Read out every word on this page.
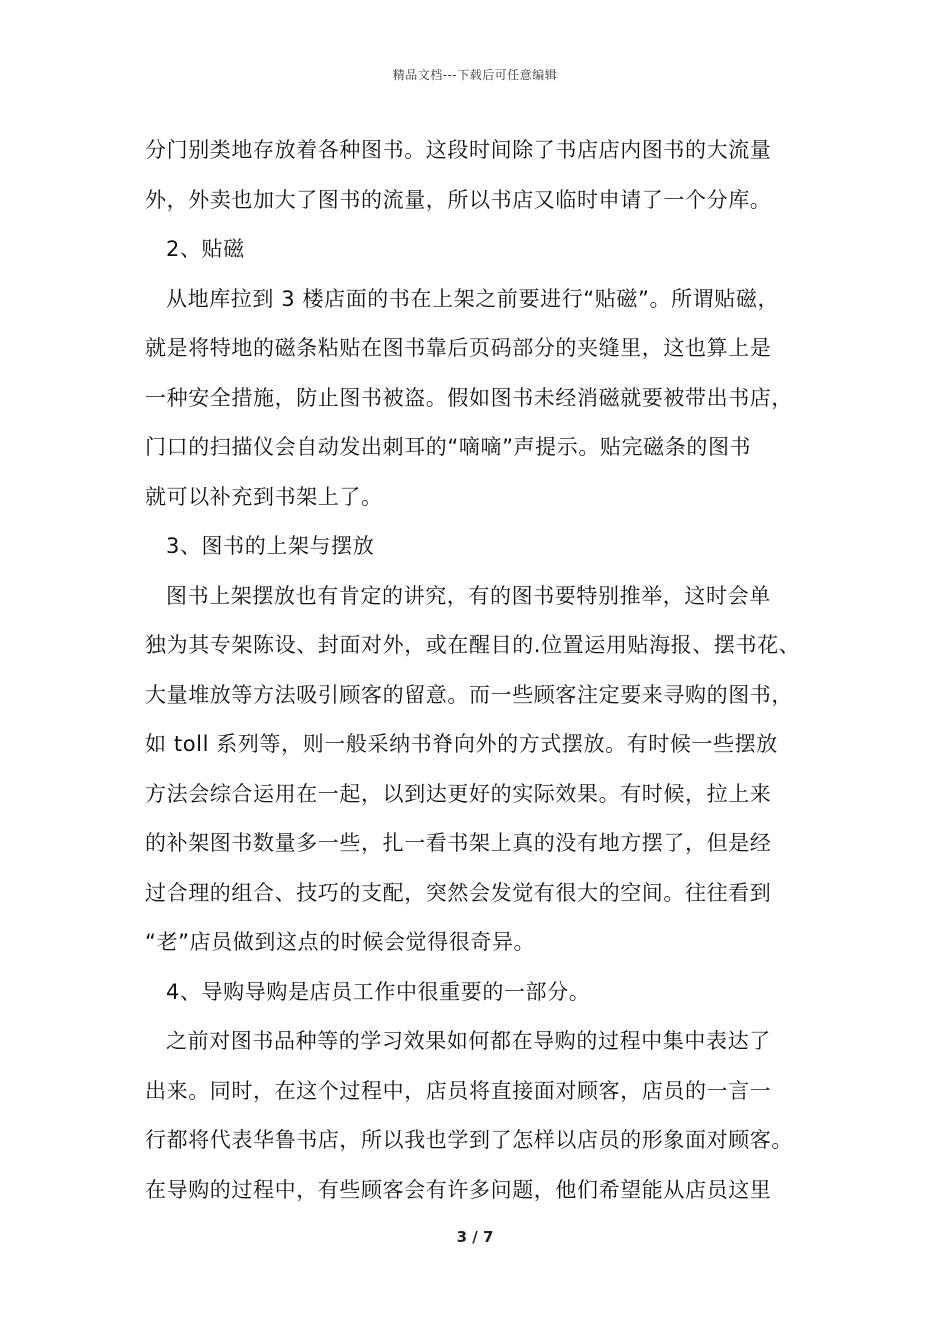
精品文档---下载后可任意编辑
分门别类地存放着各种图书。这段时间除了书店店内图书的大流量
外，外卖也加大了图书的流量，所以书店又临时申请了一个分库。
2、贴磁
从地库拉到 3 楼店面的书在上架之前要进行“贴磁”。所谓贴磁，
就是将特地的磁条粘贴在图书靠后页码部分的夹缝里，这也算上是
一种安全措施，防止图书被盗。假如图书未经消磁就要被带出书店，
门口的扫描仪会自动发出刺耳的“嘀嘀”声提示。贴完磁条的图书
就可以补充到书架上了。
3、图书的上架与摆放
图书上架摆放也有肯定的讲究，有的图书要特别推举，这时会单
独为其专架陈设、封面对外，或在醒目的.位置运用贴海报、摆书花、
大量堆放等方法吸引顾客的留意。而一些顾客注定要来寻购的图书，
如 toll 系列等，则一般采纳书脊向外的方式摆放。有时候一些摆放
方法会综合运用在一起，以到达更好的实际效果。有时候，拉上来
的补架图书数量多一些，扎一看书架上真的没有地方摆了，但是经
过合理的组合、技巧的支配，突然会发觉有很大的空间。往往看到
“老”店员做到这点的时候会觉得很奇异。
4、导购导购是店员工作中很重要的一部分。
之前对图书品种等的学习效果如何都在导购的过程中集中表达了
出来。同时，在这个过程中，店员将直接面对顾客，店员的一言一
行都将代表华鲁书店，所以我也学到了怎样以店员的形象面对顾客。
在导购的过程中，有些顾客会有许多问题，他们希望能从店员这里
3 / 7
